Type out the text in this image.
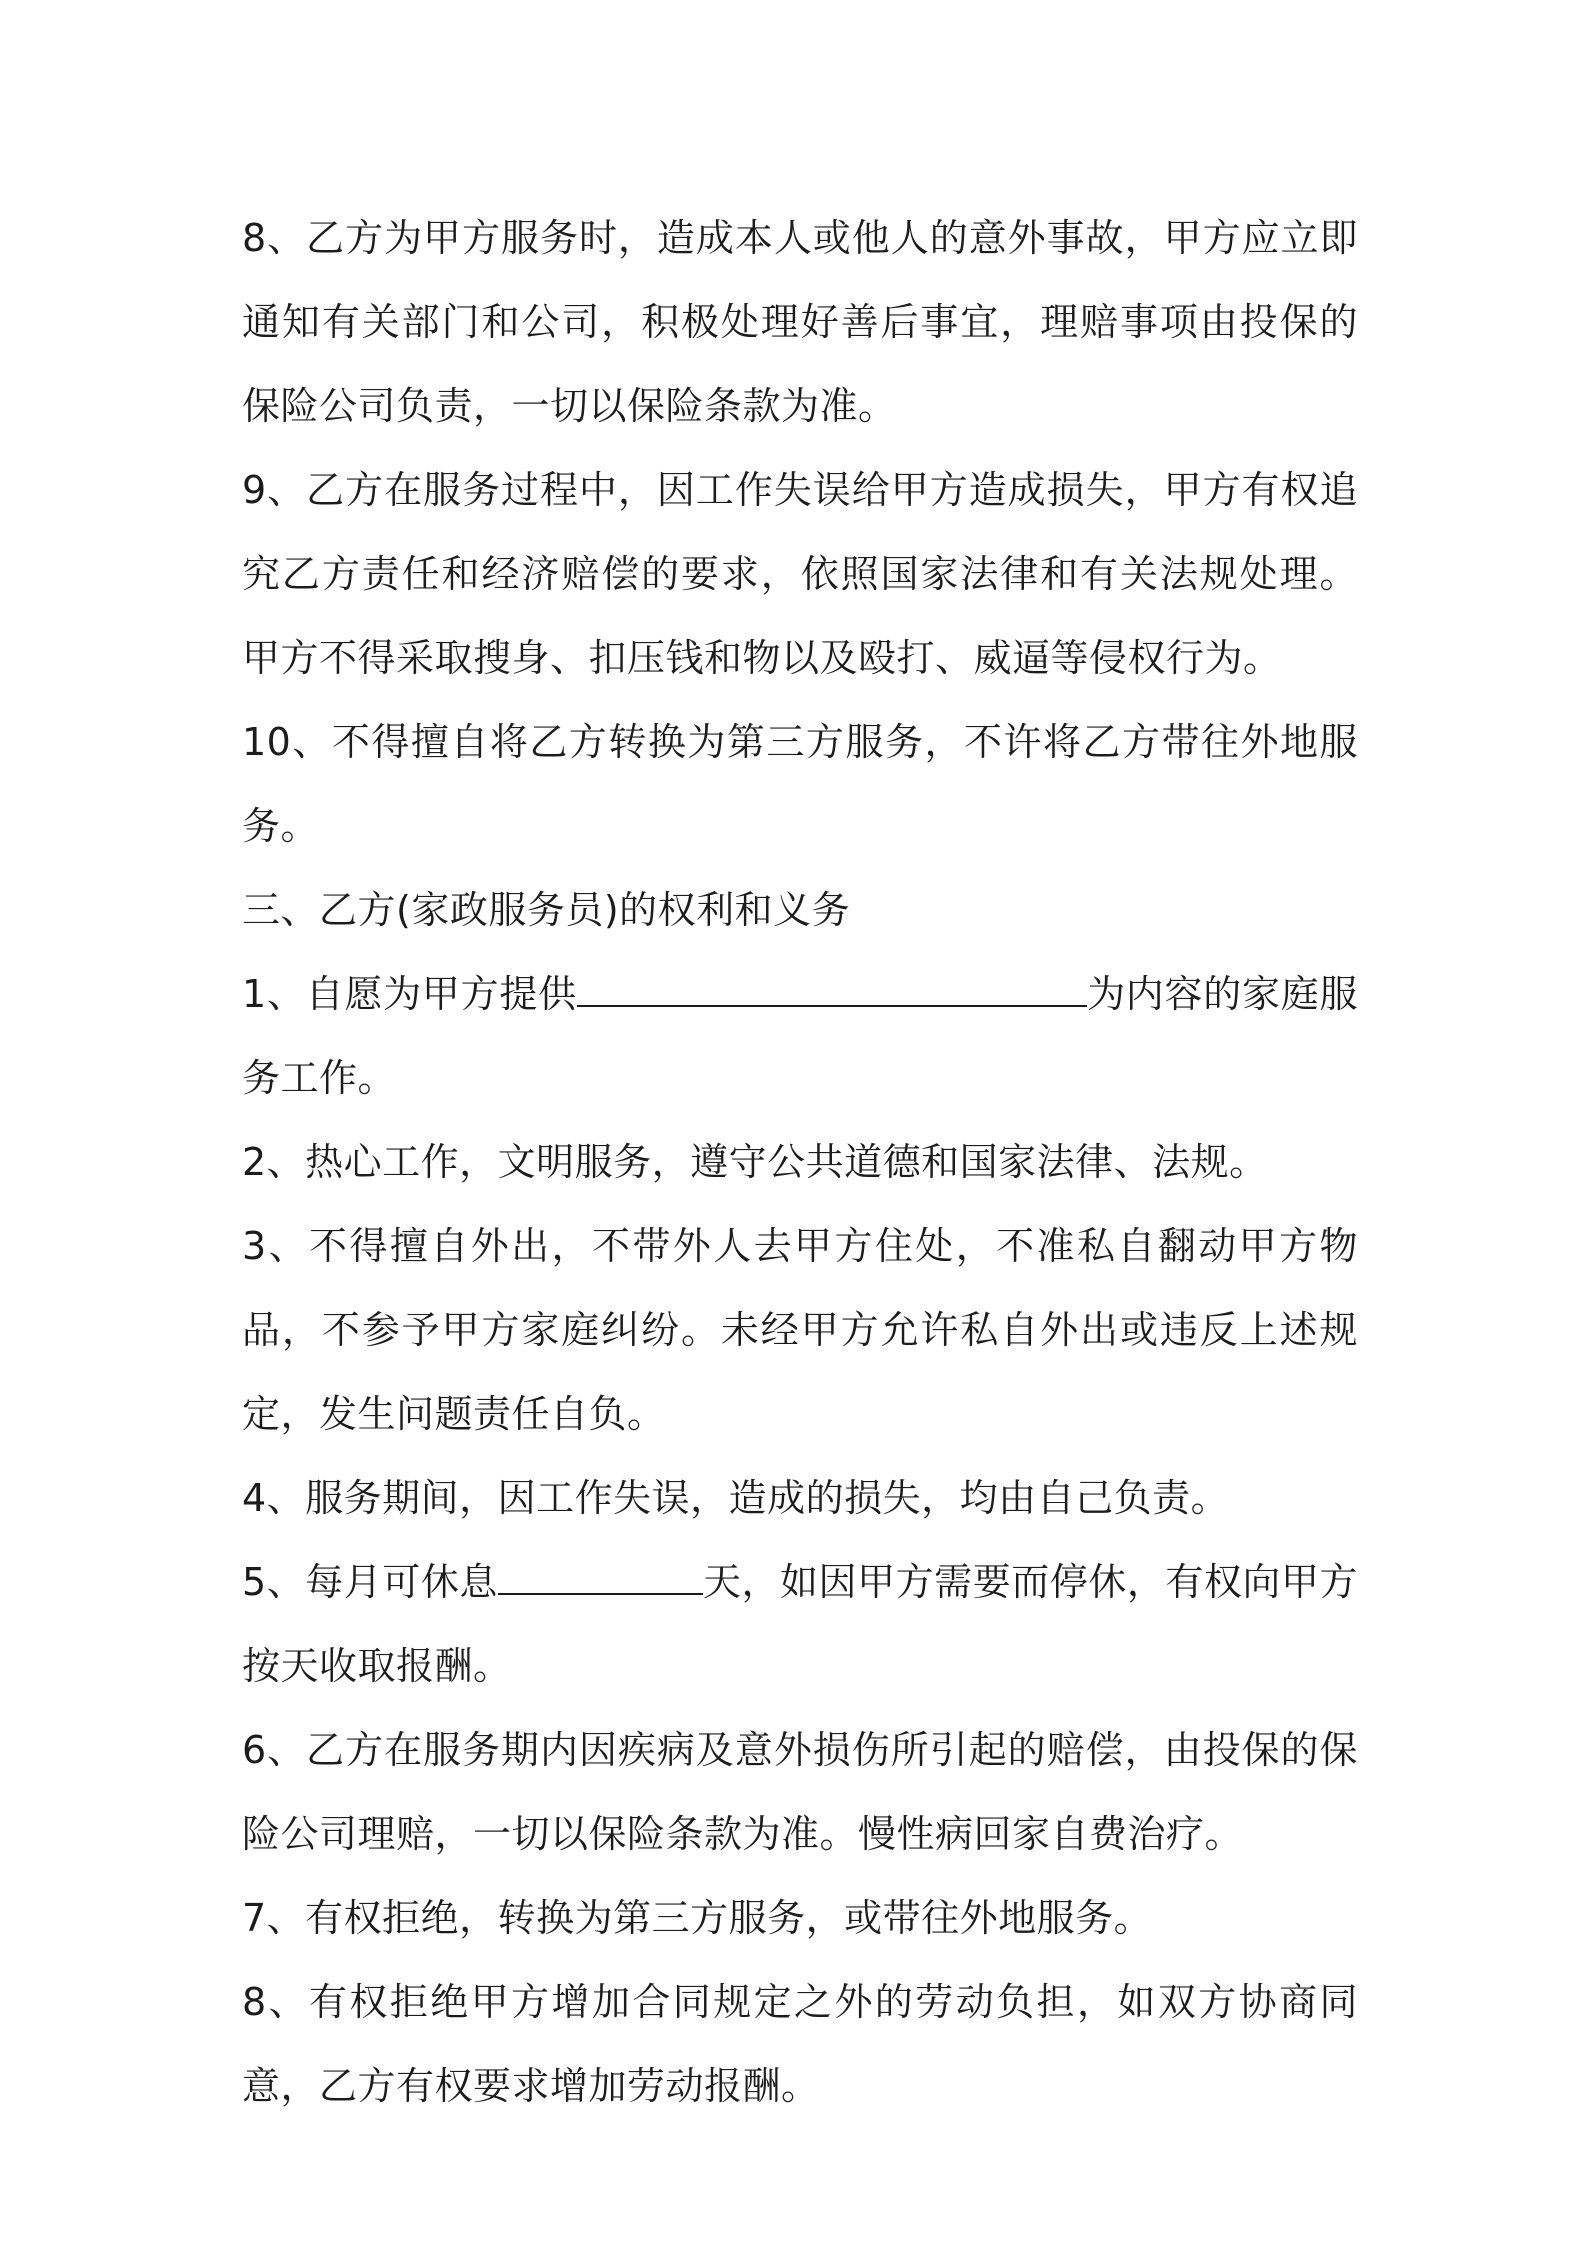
8、乙方为甲方服务时，造成本人或他人的意外事故，甲方应立即通知有关部门和公司，积极处理好善后事宜，理赔事项由投保的保险公司负责，一切以保险条款为准。

9、乙方在服务过程中，因工作失误给甲方造成损失，甲方有权追究乙方责任和经济赔偿的要求，依照国家法律和有关法规处理。甲方不得采取搜身、扣压钱和物以及殴打、威逼等侵权行为。

10、不得擅自将乙方转换为第三方服务，不许将乙方带往外地服务。

三、乙方(家政服务员)的权利和义务

1、自愿为甲方提供	为内容的家庭服务工作。

2、热心工作，文明服务，遵守公共道德和国家法律、法规。

3、不得擅自外出，不带外人去甲方住处，不准私自翻动甲方物品，不参予甲方家庭纠纷。未经甲方允许私自外出或违反上述规定，发生问题责任自负。

4、服务期间，因工作失误，造成的损失，均由自己负责。

5、每月可休息	天，如因甲方需要而停休，有权向甲方按天收取报酬。

6、乙方在服务期内因疾病及意外损伤所引起的赔偿，由投保的保险公司理赔，一切以保险条款为准。慢性病回家自费治疗。

7、有权拒绝，转换为第三方服务，或带往外地服务。

8、有权拒绝甲方增加合同规定之外的劳动负担，如双方协商同意，乙方有权要求增加劳动报酬。
